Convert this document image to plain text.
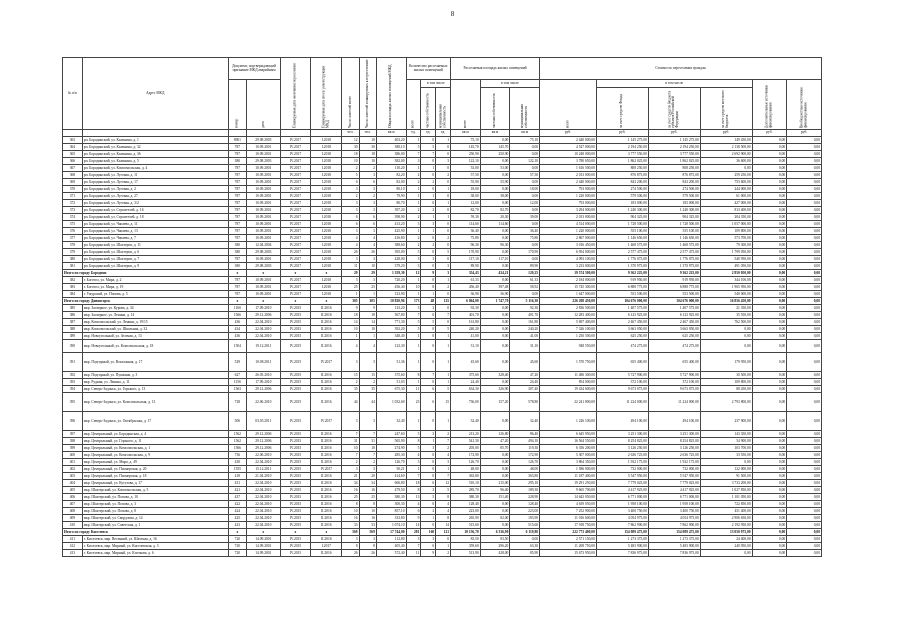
8
№ п/п	Адрес МКД	Документ, подтверждающий признание МКД аварийным		Планируемая дата окончания переселения	Планируемая дата сноса/ реконструкции МКД	Число жителей всего	Число жителей планируемых к переселению	Общая площадь жилых помещений МКД	Количество расселяемых жилых помещений			Расселяемая площадь жилых помещений			Стоимость переселения граждан					
		номер	дата						всего	в том числе		всего	в том числе		всего	в том числе			Дополнительные источники финансирования	Внебюджетные источники финансирования
										частная собственность	муниципальная собственность		частная собственность	муниципальная собственность		за счет средств Фонда	за счет средств бюджета субъекта Российской Федерации	за счет средств местного бюджета		
						чел.	чел.	кв.м	ед.	ед.	ед.	кв.м	кв.м	кв.м	руб.	руб.	руб.	руб.	руб.	руб.
363	рп. Бородинский, ул. Калинина, д. 1	8901	29.08.2005	IV.2017	I.2018	12	10	403,20	1	0	1	75,10	0,00	75,10	2 440 000,00	1 145 275,00	1 145 275,00	149 450,00	0,00	0,00
364	рп. Бородинский, ул. Калинина, д. 32	787	10.09.2001	IV.2017	I.2018	30	30	380,10	5	5	0	145,70	145,70	0,00	4 527 000,00	2 194 250,00	2 194 250,00	2 138 500,00	0,00	0,00
365	рп. Бородинский, ул. Калинина, д. 36	787	10.09.2001	IV.2017	I.2018	18	18	386,00	7	7	0	250,90	250,90	0,00	10 248 000,00	3 777 550,00	3 777 550,00	2 692 900,00	0,00	0,00
366	рп. Бородинский, ул. Калинина, д. 5	380	29.08.2003	IV.2017	I.2018	10	10	382,00	3	0	3	122,10	0,00	122,10	3 780 650,00	1 862 025,00	1 862 025,00	36 600,00	0,00	0,00
367	рп. Бородинский, ул. Комсомольская, д. 4	787	10.09.2001	IV.2017	I.2018	2	2	110,20	1	1	0	53,00	53,00	0,00	1 616 500,00	808 250,00	808 250,00	0,00	0,00	0,00
368	рп. Бородинский, ул. Луговая, д. 11	787	10.09.2001	IV.2017	I.2018	5	3	82,20	2	0	2	57,50	0,00	57,50	2 013 000,00	876 875,00	876 875,00	259 250,00	0,00	0,00
369	рп. Бородинский, ул. Луговая, д. 17	787	10.09.2001	IV.2017	I.2018	6	6	82,00	2	2	0	55,90	55,90	0,00	2 440 000,00	843 200,00	843 200,00	753 600,00	0,00	0,00
370	рп. Бородинский, ул. Луговая, д. 2	787	10.09.2001	IV.2017	I.2018	3	3	80,10	1	0	1	18,00	0,00	18,00	793 000,00	274 500,00	274 500,00	244 000,00	0,00	0,00
371	рп. Бородинский, ул. Луговая, д. 27	787	10.09.2001	IV.2017	I.2018	2	2	79,90	1	1	0	38,00	38,00	0,00	1 220 000,00	579 500,00	579 500,00	61 000,00	0,00	0,00
372	рп. Бородинский, ул. Луговая, д. 3/2	787	10.09.2001	IV.2017	I.2018	3	3	80,70	1	0	1	12,00	0,00	12,00	793 000,00	183 000,00	183 000,00	427 000,00	0,00	0,00
373	рп. Бородинский, ул. Строителей, д. 16	787	10.09.2001	IV.2017	I.2018	3	3	397,20	2	2	0	82,70	82,70	0,00	3 294 000,00	1 240 300,00	1 240 300,00	813 400,00	0,00	0,00
374	рп. Бородинский, ул. Строителей, д. 18	787	10.09.2001	IV.2017	I.2018	6	6	398,90	2	1	1	59,30	20,30	39,00	2 013 000,00	904 325,00	904 325,00	204 350,00	0,00	0,00
375	рп. Бородинский, ул. Чапаева, д. 11	787	10.09.2001	IV.2017	I.2018	6	6	413,20	3	3	0	114,60	114,60	0,00	4 514 000,00	1 728 500,00	1 728 500,00	1 057 000,00	0,00	0,00
376	рп. Бородинский, ул. Чапаева, д. 13	787	10.09.2001	IV.2017	I.2018	3	3	425,90	1	1	0	36,40	0,00	36,40	1 220 000,00	555 100,00	555 100,00	109 800,00	0,00	0,00
377	рп. Бородинский, ул. Чапаева, д. 7	787	10.09.2001	IV.2017	I.2018	4	4	416,80	2	0	2	75,80	0,00	75,80	2 867 000,00	1 146 650,00	1 146 650,00	573 700,00	0,00	0,00
378	рп. Бородинский, ул. Шахтеров, д. 11	380	12.04.2004	IV.2017	I.2018	4	4	388,60	2	2	0	96,30	96,30	0,00	3 016 450,00	1 468 575,00	1 468 575,00	79 300,00	0,00	0,00
379	рп. Бородинский, ул. Шахтеров, д. 6	380	29.08.2003	IV.2017	I.2018	26	26	395,00	5	0	5	170,90	0,00	170,90	6 954 000,00	2 577 475,00	2 577 475,00	1 799 050,00	0,00	0,00
380	рп. Бородинский, ул. Шахтеров, д. 7	787	10.09.2001	IV.2017	I.2018	3	3	428,00	3	3	0	117,10	117,10	0,00	4 093 100,00	1 776 075,00	1 776 075,00	540 950,00	0,00	0,00
381	рп. Бородинский, ул. Шахтеров, д. 9	380	29.08.2003	IV.2017	I.2018	11	10	379,20	3	0	3	89,90	0,00	89,90	3 233 000,00	1 370 975,00	1 370 975,00	491 050,00	0,00	0,00
Итого по городу Бородино		x	x	x	x	29	29	1 359,30	12	9	3	354,43	434,21	120,25	19 574 500,00	9 362 225,00	9 362 225,00	2 850 050,00	0,00	0,00
382	г. Боготол, ул. Мира, д. 2	787	10.09.2001	IV.2017	I.2018	3	3	720,20	1	0	1	61,33	0,00	61,33	2 184 000,00	919 950,00	919 950,00	344 100,00	0,00	0,00
383	г. Боготол, ул. Мира, д. 19	787	10.09.2001	IV.2017	I.2018	25	25	456,40	10	8	2	456,40	397,48	58,92	15 745 300,00	6 888 775,00	6 888 775,00	1 965 950,00	0,00	0,00
384	г. Ужурский, ул. Попова, д. 5	787	10.09.2001	IV.2017	I.2018	1	1	123,90	1	1	0	36,90	36,90	0,00	1 647 000,00	553 500,00	553 500,00	540 000,00	0,00	0,00
Итого по городу Дивногорск		x	x	x	x	305	305	10 820,96	173	48	125	6 864,00	1 747,70	5 116,30	226 208 450,00	104 676 000,00	104 676 000,00	16 856 450,00	0,00	0,00
385	мкр. Заозерное, ул. Курова, д. 34	1160	17.09.2010	IV.2015	II.2016	9	9	123,20	3	3	0	92,30	0,00	92,30	2 836 500,00	1 407 575,00	1 407 575,00	21 350,00	0,00	0,00
386	мкр. Заозерное, ул. Ленина, д. 14	1566	29.12.2006	IV.2015	II.2016	18	18	567,80	7	0	7	401,70	0,00	401,70	12 283 400,00	6 123 925,00	6 123 925,00	35 550,00	0,00	0,00
387	мкр. Комсомольский, ул. Ленина, д. 19/15	436	22.04.2010	IV.2015	II.2016	14	14	771,30	5	5	0	161,80	0,00	161,80	5 697 400,00	2 467 450,00	2 467 450,00	762 500,00	0,00	0,00
388	мкр. Комсомольский, ул. Школьная, д. 32	434	22.04.2010	IV.2015	II.2016	10	10	392,20	5	0	5	240,20	0,00	240,20	7 326 100,00	3 663 050,00	3 663 050,00	0,00	0,00	0,00
389	мкр. Новоугольный, ул. Зеленая, д. 13	436	22.04.2010	IV.2015	II.2016	1	1	348,40	1	0	1	41,00	0,00	41,00	1 250 500,00	625 250,00	625 250,00	0,00	0,00	0,00
390	мкр. Новоугольный, ул. Комсомольская, д. 18	1504	19.12.2011	IV.2015	II.2016	4	4	123,30	1	0	1	31,10	0,00	31,10	948 550,00	474 275,00	474 275,00	0,00	0,00	0,00
391	мкр. Подгорный, ул. Вокзальная, д. 17	529	10.08.2011	IV.2015	IV.2017	3	3	51,36	1	0	1	45,60	0,00	45,60	1 570 750,00	655 400,00	655 400,00	179 950,00	0,00	0,00
392	мкр. Подгорный, ул. Пушкина, д. 3	627	26.05.2010	IV.2015	II.2016	15	15	375,60	8	7	1	375,60	328,40	47,20	11 486 300,00	5 727 900,00	5 727 900,00	30 500,00	0,00	0,00
393	мкр. Рудник, ул. Ленина, д. 11	1156	17.09.2010	IV.2015	II.2016	2	2	51,03	1	0	1	24,40	0,00	24,40	854 000,00	372 100,00	372 100,00	109 800,00	0,00	0,00
394	мкр. Северо-Задонск, ул. Горького, д. 13	1563	29.12.2006	IV.2015	II.2016	35	35	675,30	11	6	5	634,30	326,90	307,40	19 434 600,00	9 673 075,00	9 673 075,00	88 450,00	0,00	0,00
395	мкр. Северо-Задонск, ул. Комсомольская, д. 13	728	22.06.2010	IV.2015	II.2016	44	44	1 032,60	23	6	15	736,00	157,20	578,80	22 241 800,00	11 224 000,00	11 224 000,00	2 793 800,00	0,00	0,00
396	мкр. Северо-Задонск, ул. Октябрьская, д. 17	506	03.05.2011	IV.2015	IV.2017	3	3	32,40	1	0	1	32,40	0,00	32,40	1 226 100,00	494 100,00	494 100,00	237 900,00	0,00	0,00
397	мкр. Центральный, ул. Бородинская, д. 4	1562	29.12.2006	IV.2015	II.2016	7	7	247,60	5	3	2	213,20	126,80	86,40	6 645 950,00	3 251 300,00	3 251 300,00	143 350,00	0,00	0,00
398	мкр. Центральный, ул. Горького, д. 11	1562	29.12.2006	IV.2015	II.2016	31	31	565,90	8	1	7	541,30	47,20	494,10	16 564 550,00	8 254 825,00	8 254 825,00	54 900,00	0,00	0,00
399	мкр. Центральный, ул. Комсомольская, д. 1	1566	29.12.2006	IV.2015	II.2016	10	10	274,90	5	3	2	205,00	85,70	119,30	6 356 200,00	3 126 250,00	3 126 250,00	103 700,00	0,00	0,00
400	мкр. Центральный, ул. Комсомольская, д. 9	736	22.06.2010	IV.2015	II.2016	7	7	285,30	4	0	4	172,90	0,00	172,90	5 307 000,00	2 636 725,00	2 636 725,00	33 550,00	0,00	0,00
401	мкр. Центральный, ул. Мира, д. 49	430	22.04.2010	IV.2015	II.2016	2	2	126,70	3	0	3	126,70	0,00	126,70	3 864 350,00	1 932 175,00	1 932 175,00	0,00	0,00	0,00
402	мкр. Центральный, ул. Пионерская, д. 20	1555	15.12.2011	IV.2015	IV.2017	3	3	50,21	1	0	1	48,00	0,00	48,00	1 586 000,00	732 000,00	732 000,00	122 000,00	0,00	0,00
403	мкр. Центральный, ул. Пионерская, д. 18	418	21.04.2010	IV.2015	II.2016	21	20	414,60	7	0	7	363,80	0,00	363,80	11 187 400,00	5 547 950,00	5 547 950,00	91 500,00	0,00	0,00
404	мкр. Центральный, ул. Кутузова, д. 17	431	22.04.2010	IV.2015	II.2016	34	34	606,80	18	6	12	510,10	215,00	295,10	19 291 250,00	7 779 025,00	7 779 025,00	3 733 200,00	0,00	0,00
405	мкр. Шахтерский, ул. Комсомольская, д. 5	421	22.04.2010	IV.2015	II.2016	16	16	479,50	8	3	5	285,70	96,40	189,30	9 665 700,00	4 417 925,00	4 417 925,00	1 027 850,00	0,00	0,00
406	мкр. Шахтерский, ул. Попова, д. 10	437	22.04.2010	IV.2015	II.2016	25	25	380,30	13	5	8	380,30	151,40	228,90	14 643 050,00	6 771 000,00	6 771 000,00	1 101 050,00	0,00	0,00
407	мкр. Шахтерский, ул. Попова, д. 3	422	22.04.2010	IV.2015	II.2016	8	8	300,30	4	0	4	128,40	0,00	128,40	4 639 050,00	1 958 100,00	1 958 100,00	722 850,00	0,00	0,00
408	мкр. Шахтерский, ул. Попова, д. 8	424	22.04.2010	IV.2015	II.2016	10	10	857,10	6	2	4	223,00	0,00	223,00	7 252 900,00	3 400 750,00	3 400 750,00	451 400,00	0,00	0,00
409	мкр. Шахтерский, ул. Свердлова, д. 14	425	22.04.2010	IV.2015	II.2016	16	16	333,80	9	1	8	265,90	82,00	183,90	11 016 600,00	4 054 975,00	4 054 975,00	2 906 650,00	0,00	0,00
410	мкр. Шахтерский, ул. Советская, д. 1	423	22.04.2010	IV.2015	II.2016	33	33	1 074,10	14	0	14	515,60	0,00	515,60	17 918 750,00	7 862 900,00	7 862 900,00	2 192 950,00	0,00	0,00
Итого по городу Киселевск		x	x	x	x	569	569	17 744,00	281	160	121	10 156,70	6 336,90	6 119,80	222 773 400,00	154 089 475,00	154 089 475,00	13 050 975,00	0,00	0,00
411	г. Киселевск, мкр. Весенний, ул. Шахтная, д. 16	720	14.09.2001	IV.2015	II.2016	3	3	112,80	3	3	0	83,50	83,50	0,00	2 571 150,00	1 273 375,00	1 273 375,00	24 400,00	0,00	0,00
412	г. Киселевск, мкр. Мирный, ул. Киселевская, д. 3	720	14.09.2001	IV.2015	I.2017	8	8	405,40	7	6	1	359,60	296,20	63,30	11 208 750,00	5 483 900,00	5 483 900,00	240 950,00	0,00	0,00
413	г. Киселевск, мкр. Мирный, ул. Клочкова, д. 6	720	14.09.2001	IV.2015	II.2016	26	26	572,40	11	9	2	513,90	428,00	85,90	15 673 950,00	7 836 975,00	7 836 975,00	0,00	0,00	0,00
